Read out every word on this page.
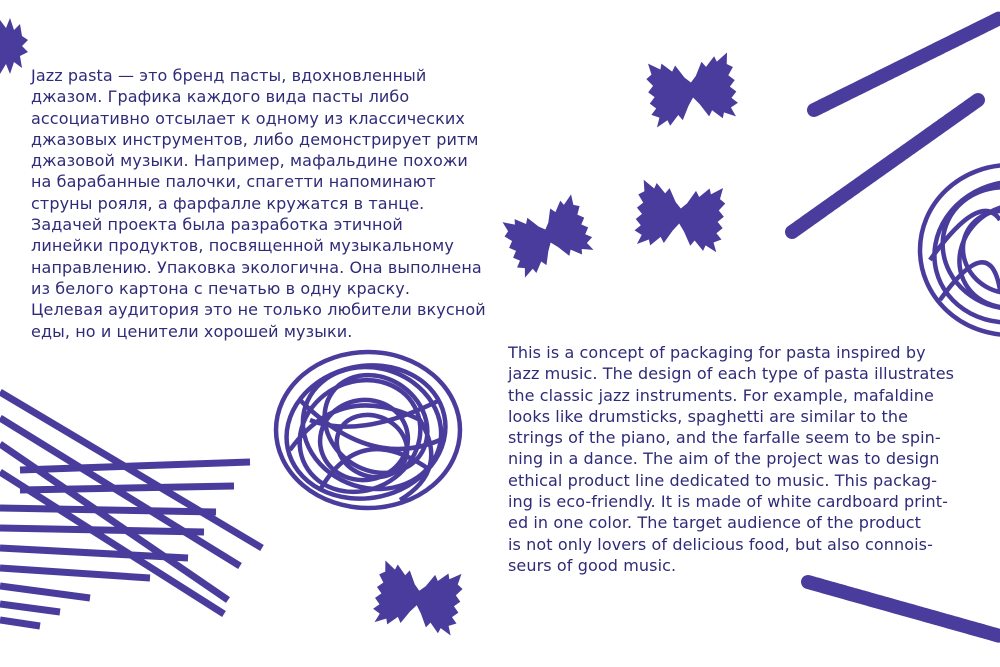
Jazz pasta — это бренд пасты, вдохновленный
джазом. Графика каждого вида пасты либо
ассоциативно отсылает к одному из классических
джазовых инструментов, либо демонстрирует ритм
джазовой музыки. Например, мафальдине похожи
на барабанные палочки, спагетти напоминают
струны рояля, а фарфалле кружатся в танце.
Задачей проекта была разработка этичной
линейки продуктов, посвященной музыкальному
направлению. Упаковка экологична. Она выполнена
из белого картона с печатью в одну краску.
Целевая аудитория это не только любители вкусной
еды, но и ценители хорошей музыки.
This is a concept of packaging for pasta inspired by
jazz music. The design of each type of pasta illustrates
the classic jazz instruments. For example, mafaldine
looks like drumsticks, spaghetti are similar to the
strings of the piano, and the farfalle seem to be spin-
ning in a dance. The aim of the project was to design
ethical product line dedicated to music. This packag-
ing is eco-friendly. It is made of white cardboard print-
ed in one color. The target audience of the product
is not only lovers of delicious food, but also connois-
seurs of good music.
